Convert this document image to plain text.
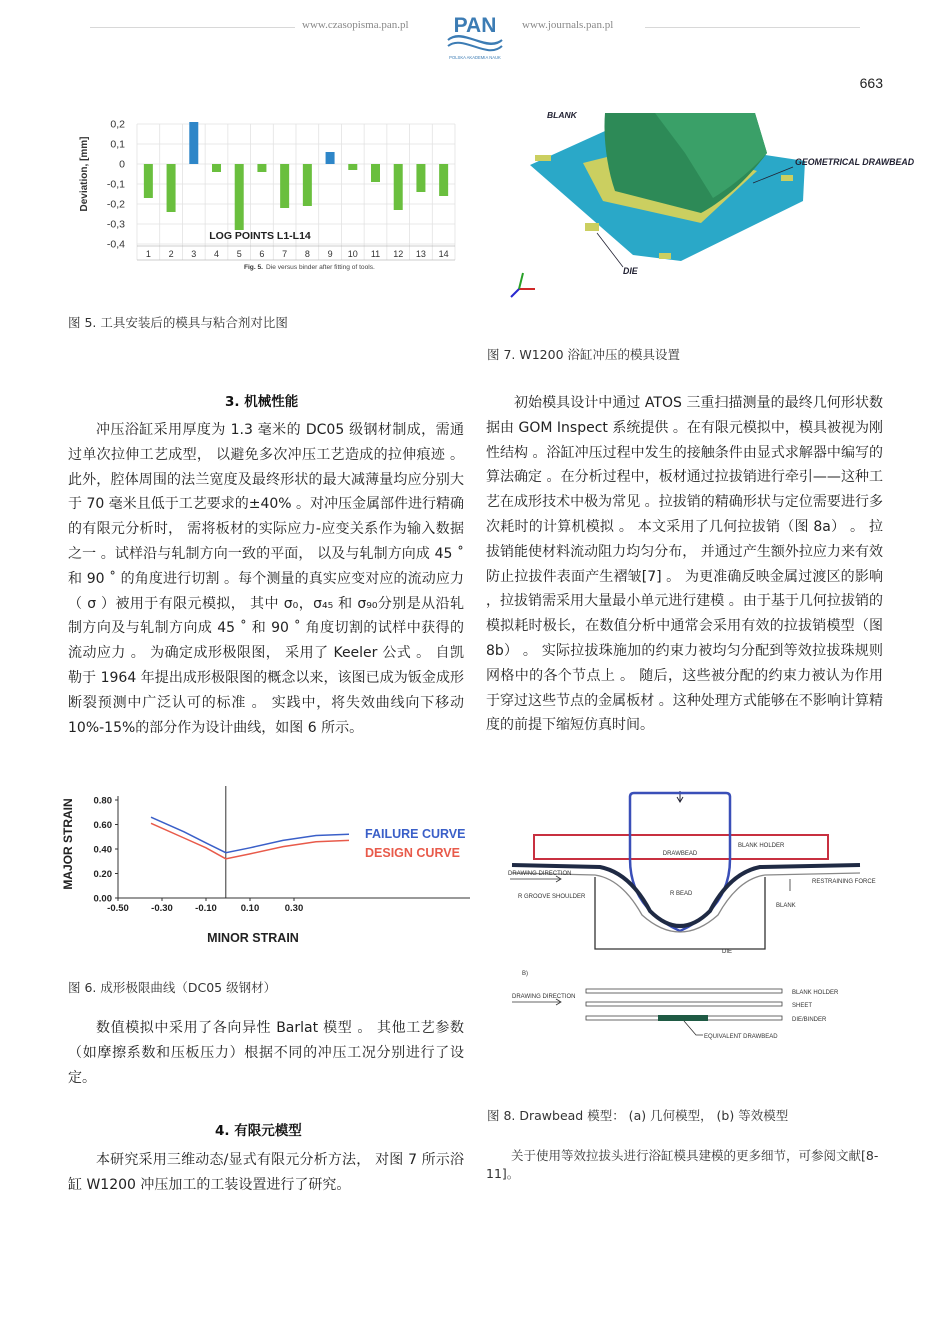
www.czasopisma.pan.pl PAN
POLSKA AKADEMIA NAUK
www.journals.pan.pl
663
0,2
0,1
0
-0,1
-0,2
-0,3
-0,4
1 2 3 4 5 6 7 8 9 10 11 12 13 14
Deviation, [mm]
LOG POINTS L1-L14
Fig. 5. Die versus binder after fitting of tools.
图 5. 工具安装后的模具与粘合剂对比图
BLANK
GEOMETRICAL DRAWBEAD
DIE
图 7. W1200 浴缸冲压的模具设置
3. 机械性能

冲压浴缸采用厚度为 1.3 毫米的 DC05 级钢材制成，需通过单次拉伸工艺成型， 以避免多次冲压工艺造成的拉伸痕迹 。此外，腔体周围的法兰宽度及最终形状的最大减薄量均应分别大于 70 毫米且低于工艺要求的±40% 。对冲压金属部件进行精确的有限元分析时， 需将板材的实际应力-应变关系作为输入数据之一 。试样沿与轧制方向一致的平面， 以及与轧制方向成 45 ˚ 和 90 ˚ 的角度进行切割 。每个测量的真实应变对应的流动应力 （ σ ）被用于有限元模拟， 其中 σ₀，σ₄₅ 和 σ₉₀分别是从沿轧制方向及与轧制方向成 45 ˚ 和 90 ˚ 角度切割的试样中获得的流动应力 。 为确定成形极限图， 采用了 Keeler 公式 。 自凯勒于 1964 年提出成形极限图的概念以来，该图已成为钣金成形断裂预测中广泛认可的标准 。 实践中，将失效曲线向下移动 10%-15%的部分作为设计曲线，如图 6 所示。

0.80
0.60
0.40
0.20
0.00
-0.50 -0.30 -0.10	0.10	0.30
MAJOR STRAIN
MINOR STRAIN
FAILURE CURVE
DESIGN CURVE
图 6. 成形极限曲线（DC05 级钢材）

数值模拟中采用了各向异性 Barlat 模型 。 其他工艺参数（如摩擦系数和压板压力）根据不同的冲压工况分别进行了设定。

4. 有限元模型

本研究采用三维动态/显式有限元分析方法， 对图 7 所示浴缸 W1200 冲压加工的工装设置进行了研究。

初始模具设计中通过 ATOS 三重扫描测量的最终几何形状数据由 GOM Inspect 系统提供 。在有限元模拟中，模具被视为刚性结构 。浴缸冲压过程中发生的接触条件由显式求解器中编写的算法确定 。在分析过程中，板材通过拉拔销进行牵引——这种工艺在成形技术中极为常见 。拉拔销的精确形状与定位需要进行多次耗时的计算机模拟 。 本文采用了几何拉拔销（图 8a） 。 拉拔销能使材料流动阻力均匀分布， 并通过产生额外拉应力来有效防止拉拔件表面产生褶皱[7] 。 为更准确反映金属过渡区的影响 ，拉拔销需采用大量最小单元进行建模 。由于基于几何拉拔销的模拟耗时极长，在数值分析中通常会采用有效的拉拔销模型（图 8b） 。 实际拉拔珠施加的约束力被均匀分配到等效拉拔珠规则网格中的各个节点上 。 随后，这些被分配的约束力被认为作用于穿过这些节点的金属板材 。这种处理方式能够在不影响计算精度的前提下缩短仿真时间。

DRAWBEAD
BLANK HOLDER
DRAWING DIRECTION
RESTRAINING FORCE
R GROOVE SHOULDER	R BEAD
BLANK
DIE
B)
DRAWING DIRECTION
BLANK HOLDER
SHEET
DIE/BINDER
EQUIVALENT DRAWBEAD
图 8. Drawbead 模型： (a) 几何模型， (b) 等效模型
关于使用等效拉拔头进行浴缸模具建模的更多细节，可参阅文献[8-11]。
